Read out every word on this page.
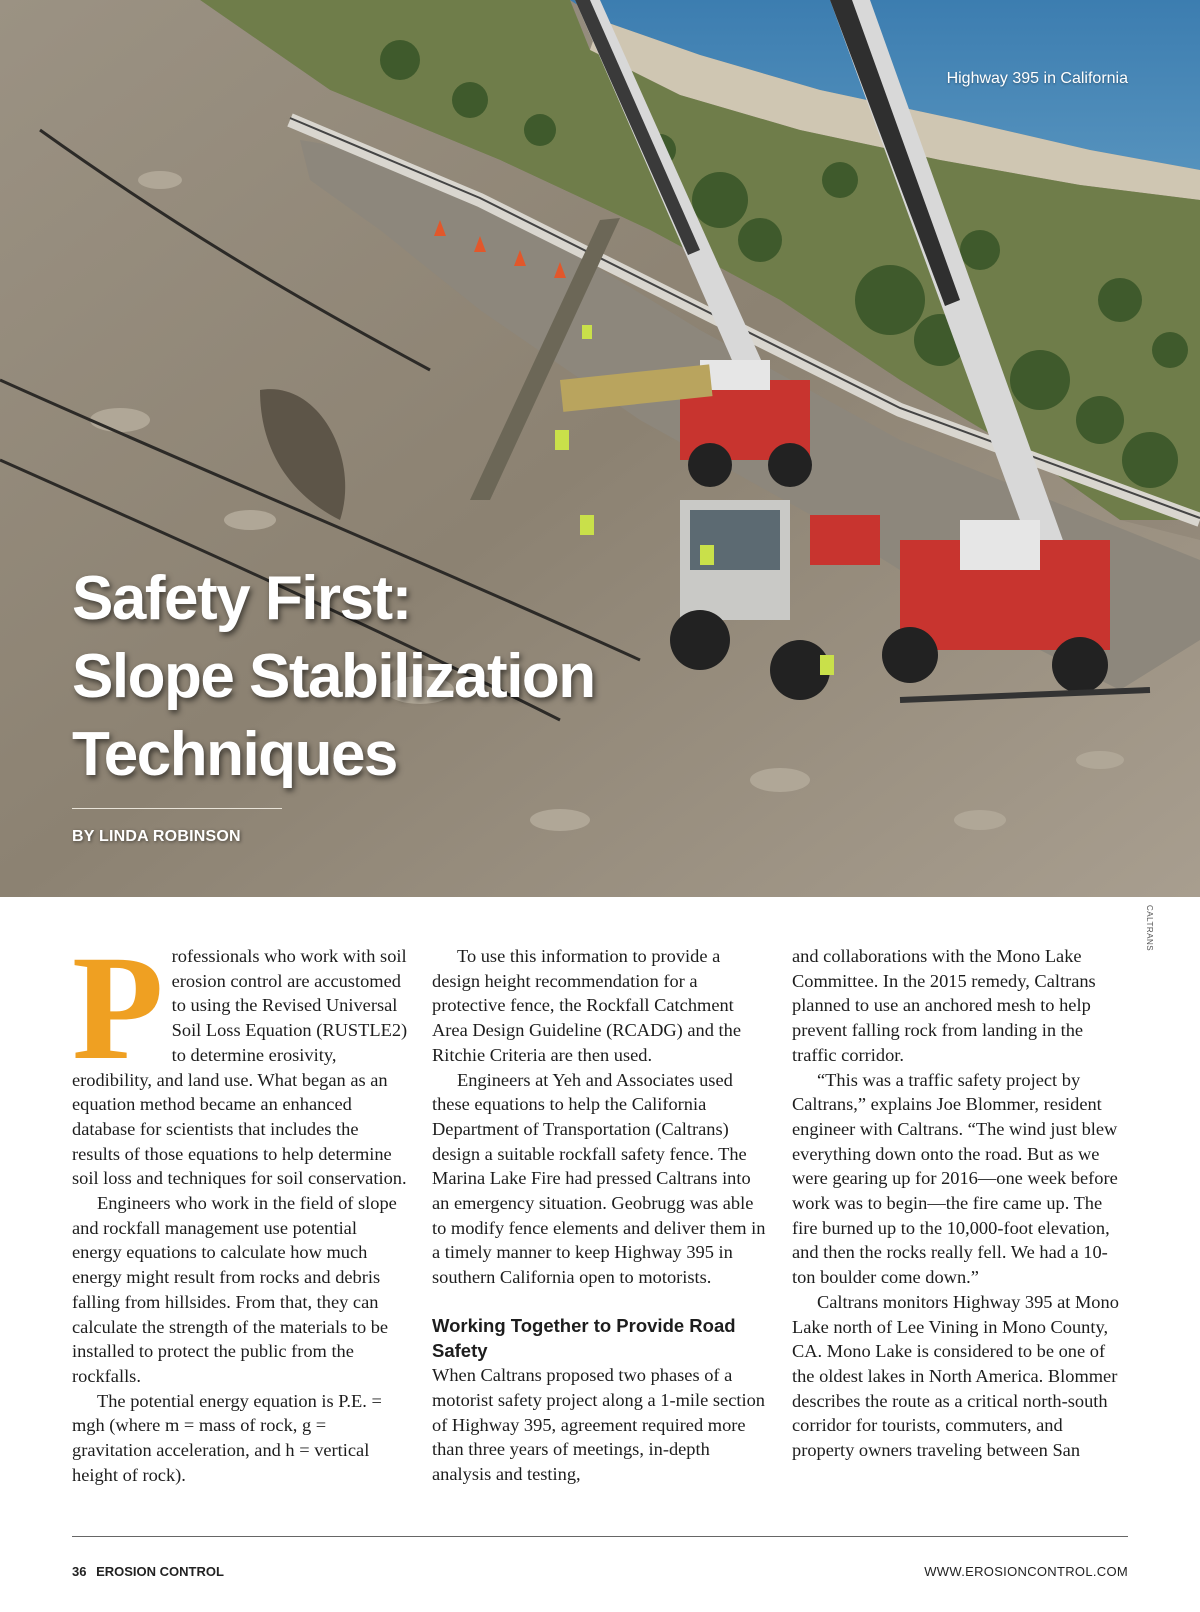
Highway 395 in California
Safety First:
Slope Stabilization
Techniques
BY LINDA ROBINSON
CALTRANS

Professionals who work with soil erosion control are accustomed to using the Revised Universal Soil Loss Equation (RUSTLE2) to determine erosivity, erodibility, and land use. What began as an equation method became an enhanced database for scientists that includes the results of those equations to help determine soil loss and techniques for soil conservation.

Engineers who work in the field of slope and rockfall management use potential energy equations to calculate how much energy might result from rocks and debris falling from hillsides. From that, they can calculate the strength of the materials to be installed to protect the public from the rockfalls.

The potential energy equation is P.E. = mgh (where m = mass of rock, g = gravitation acceleration, and h = vertical height of rock).

To use this information to provide a design height recommendation for a protective fence, the Rockfall Catchment Area Design Guideline (RCADG) and the Ritchie Criteria are then used.

Engineers at Yeh and Associates used these equations to help the California Department of Transportation (Caltrans) design a suitable rockfall safety fence. The Marina Lake Fire had pressed Caltrans into an emergency situation. Geobrugg was able to modify fence elements and deliver them in a timely manner to keep Highway 395 in southern California open to motorists.

Working Together to Provide Road Safety

When Caltrans proposed two phases of a motorist safety project along a 1-mile section of Highway 395, agreement required more than three years of meetings, in-depth analysis and testing,

and collaborations with the Mono Lake Committee. In the 2015 remedy, Caltrans planned to use an anchored mesh to help prevent falling rock from landing in the traffic corridor.

“This was a traffic safety project by Caltrans,” explains Joe Blommer, resident engineer with Caltrans. “The wind just blew everything down onto the road. But as we were gearing up for 2016—one week before work was to begin—the fire came up. The fire burned up to the 10,000-foot elevation, and then the rocks really fell. We had a 10-ton boulder come down.”

Caltrans monitors Highway 395 at Mono Lake north of Lee Vining in Mono County, CA. Mono Lake is considered to be one of the oldest lakes in North America. Blommer describes the route as a critical north-south corridor for tourists, commuters, and property owners traveling between San

36 EROSION CONTROL	WWW.EROSIONCONTROL.COM
